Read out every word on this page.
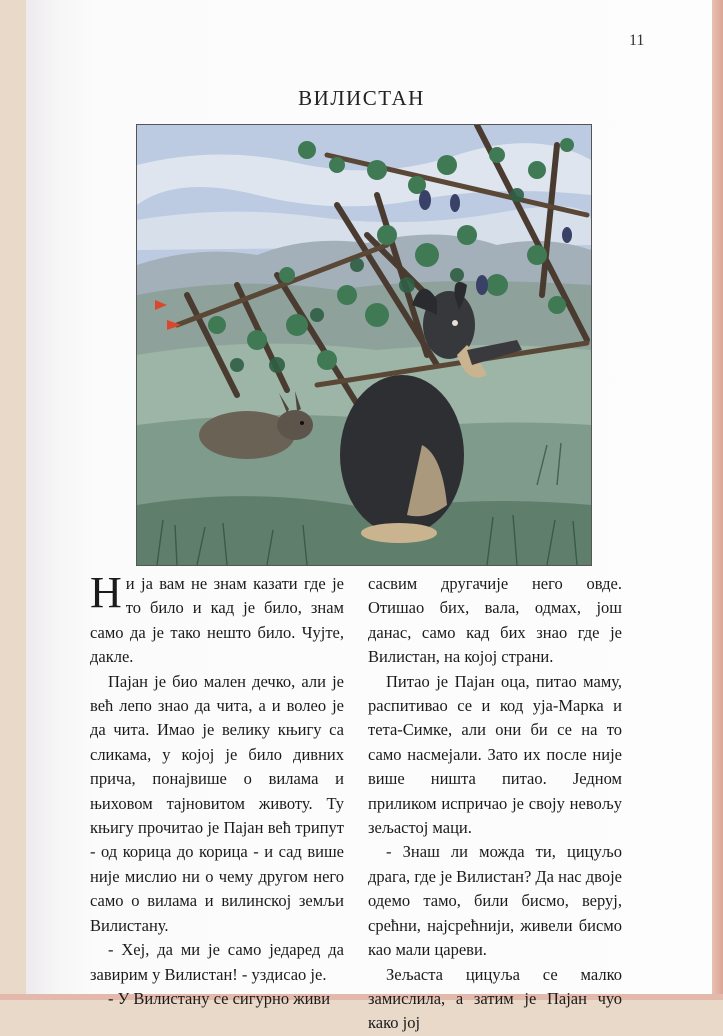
11
ВИЛИСТАН

Ни ја вам не знам казати где је то било и кад је било, знам само да је тако нешто било. Чујте, дакле.

Пајан је био мален дечко, али је већ лепо знао да чита, а и волео је да чита. Имао је велику књигу са сликама, у којој је било дивних прича, понајвише о вилама и њиховом тајновитом животу. Ту књигу прочитао је Пајан већ трипут - од корица до корица - и сад више није мислио ни о чему другом него само о вилама и вилинској земљи Вилистану.

- Хеј, да ми је само једаред да завирим у Вилистан! - уздисао је.

- У Вилистану се сигурно живи

сасвим другачије него овде. Отишао бих, вала, одмах, још данас, само кад бих знао где је Вилистан, на којој страни.

Питао је Пајан оца, питао маму, распитивао се и код уја-Марка и тета-Симке, али они би се на то само насмејали. Зато их после није више ништа питао. Једном приликом испричао је своју невољу зељастој маци.

- Знаш ли можда ти, цицуљо драга, где је Вилистан? Да нас двоје одемо тамо, били бисмо, веруј, срећни, најсрећнији, живели бисмо као мали цареви.

Зељаста цицуља се малко замислила, а затим је Пајан чуо како јој
